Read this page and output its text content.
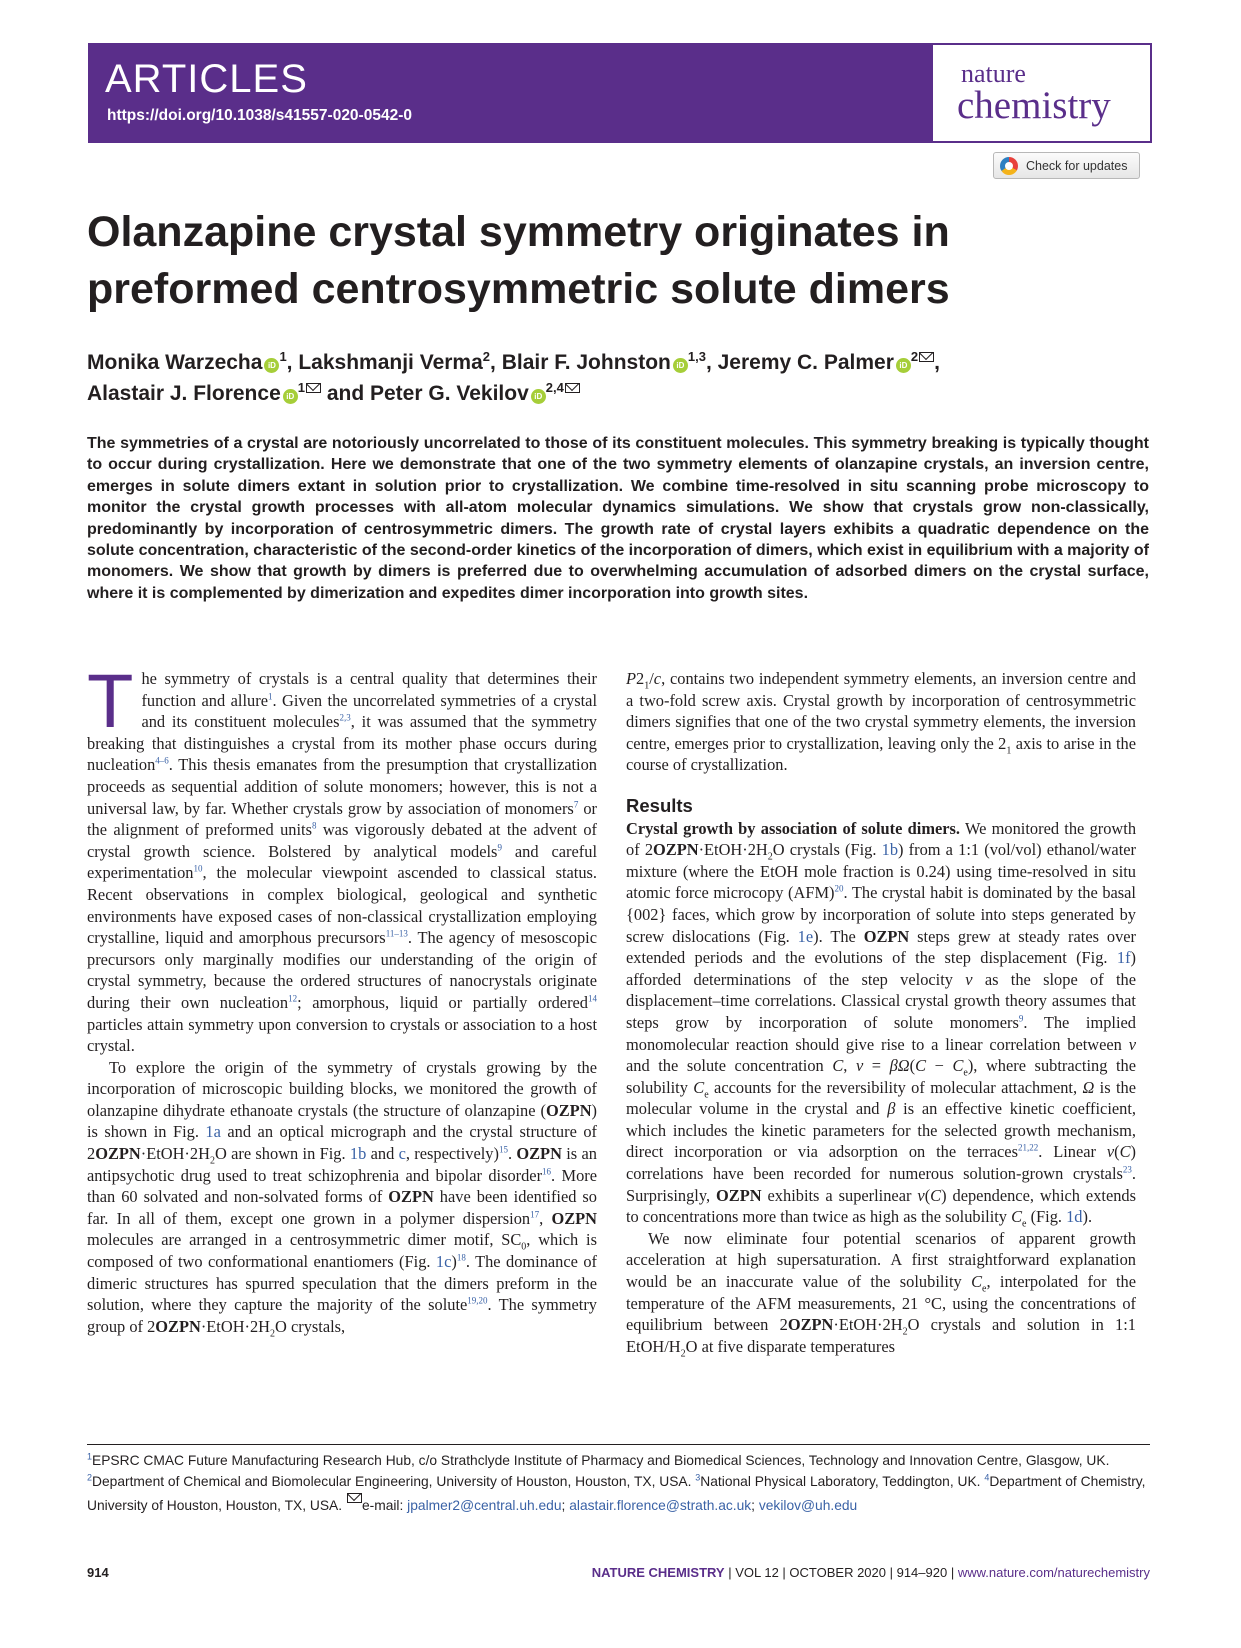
ARTICLES
https://doi.org/10.1038/s41557-020-0542-0
nature
chemistry
Check for updates
Olanzapine crystal symmetry originates in preformed centrosymmetric solute dimers
Monika Warzecha $iD^1$, Lakshmanji Verma$^2$, Blair F. Johnston iD$^{1,3}$, Jeremy C. Palmer $iD^2$ ,
Alastair J. Florence $iD^1$ and Peter G. Vekilov iD$^{2,4}$

The symmetries of a crystal are notoriously uncorrelated to those of its constituent molecules. This symmetry breaking is typically thought to occur during crystallization. Here we demonstrate that one of the two symmetry elements of olanzapine crystals, an inversion centre, emerges in solute dimers extant in solution prior to crystallization. We combine time-resolved in situ scanning probe microscopy to monitor the crystal growth processes with all-atom molecular dynamics simulations. We show that crystals grow non-classically, predominantly by incorporation of centrosymmetric dimers. The growth rate of crystal layers exhibits a quadratic dependence on the solute concentration, characteristic of the second-order kinetics of the incorporation of dimers, which exist in equilibrium with a majority of monomers. We show that growth by dimers is preferred due to overwhelming accumulation of adsorbed dimers on the crystal surface, where it is complemented by dimerization and expedites dimer incorporation into growth sites.

The symmetry of crystals is a central quality that determines their function and allure$^1$. Given the uncorrelated symmetries of a crystal and its constituent molecules$^{2,3}$, it was assumed that the symmetry breaking that distinguishes a crystal from its mother phase occurs during nucleation$^{4-6}$. This thesis emanates from the presumption that crystallization proceeds as sequential addition of solute monomers; however, this is not a universal law, by far. Whether crystals grow by association of monomers$^7$ or the alignment of preformed units$^8$ was vigorously debated at the advent of crystal growth science. Bolstered by analytical models$^9$ and careful experimentation$^{10}$, the molecular viewpoint ascended to classical status. Recent observations in complex biological, geological and synthetic environments have exposed cases of non-classical crystallization employing crystalline, liquid and amorphous precursors$^{11-13}$. The agency of mesoscopic precursors only marginally modifies our understanding of the origin of crystal symmetry, because the ordered structures of nanocrystals originate during their own nucleation$^{12}$; amorphous, liquid or partially ordered$^{14}$ particles attain symmetry upon conversion to crystals or association to a host crystal.

To explore the origin of the symmetry of crystals growing by the incorporation of microscopic building blocks, we monitored the growth of olanzapine dihydrate ethanoate crystals (the structure of olanzapine (OZPN) is shown in Fig. 1a and an optical micrograph and the crystal structure of $2OZPN\cdot EtOH\cdot 2H_2O$ are shown in Fig. 1b and c, respectively)$^{15}$. OZPN is an antipsychotic drug used to treat schizophrenia and bipolar disorder$^{16}$. More than 60 solvated and non-solvated forms of OZPN have been identified so far. In all of them, except one grown in a polymer dispersion$^{17}$, OZPN molecules are arranged in a centrosymmetric dimer motif, $SC_0$, which is composed of two conformational enantiomers (Fig. 1c)$^{18}$. The dominance of dimeric structures has spurred speculation that the dimers preform in the solution, where they capture the majority of the solute$^{19,20}$. The symmetry group of $2OZPN\cdot EtOH\cdot 2H_2O$ crystals,

$P2_1/c$, contains two independent symmetry elements, an inversion centre and a two-fold screw axis. Crystal growth by incorporation of centrosymmetric dimers signifies that one of the two crystal symmetry elements, the inversion centre, emerges prior to crystallization, leaving only the $2_1$ axis to arise in the course of crystallization.

Results

Crystal growth by association of solute dimers. We monitored the growth of $2OZPN\cdot EtOH\cdot 2H_2O$ crystals (Fig. 1b) from a 1:1 (vol/vol) ethanol/water mixture (where the EtOH mole fraction is 0.24) using time-resolved in situ atomic force microcopy (AFM)$^{20}$. The crystal habit is dominated by the basal {002} faces, which grow by incorporation of solute into steps generated by screw dislocations (Fig. 1e). The OZPN steps grew at steady rates over extended periods and the evolutions of the step displacement (Fig. 1f) afforded determinations of the step velocity v as the slope of the displacement–time correlations. Classical crystal growth theory assumes that steps grow by incorporation of solute monomers$^9$. The implied monomolecular reaction should give rise to a linear correlation between v and the solute concentration C, $v = \beta\Omega(C - C_e)$, where subtracting the solubility $C_e$ accounts for the reversibility of molecular attachment, Ω is the molecular volume in the crystal and β is an effective kinetic coefficient, which includes the kinetic parameters for the selected growth mechanism, direct incorporation or via adsorption on the terraces$^{21,22}$. Linear v(C) correlations have been recorded for numerous solution-grown crystals$^{23}$. Surprisingly, OZPN exhibits a superlinear v(C) dependence, which extends to concentrations more than twice as high as the solubility $C_e$ (Fig. 1d).

We now eliminate four potential scenarios of apparent growth acceleration at high supersaturation. A first straightforward explanation would be an inaccurate value of the solubility $C_e$, interpolated for the temperature of the AFM measurements, 21 °C, using the concentrations of equilibrium between $2OZPN\cdot EtOH\cdot 2H_2O$ crystals and solution in 1:1 EtOH/$H_2O$ at five disparate temperatures

$^1$EPSRC CMAC Future Manufacturing Research Hub, c/o Strathclyde Institute of Pharmacy and Biomedical Sciences, Technology and Innovation Centre, Glasgow, UK. $^2$Department of Chemical and Biomolecular Engineering, University of Houston, Houston, TX, USA. $^3$National Physical Laboratory, Teddington, UK. $^4$Department of Chemistry, University of Houston, Houston, TX, USA. e-mail: jpalmer2@central.uh.edu; alastair.florence@strath.ac.uk; vekilov@uh.edu
914	NATURE CHEMISTRY | VOL 12 | OCTOBER 2020 | 914–920 | www.nature.com/naturechemistry
